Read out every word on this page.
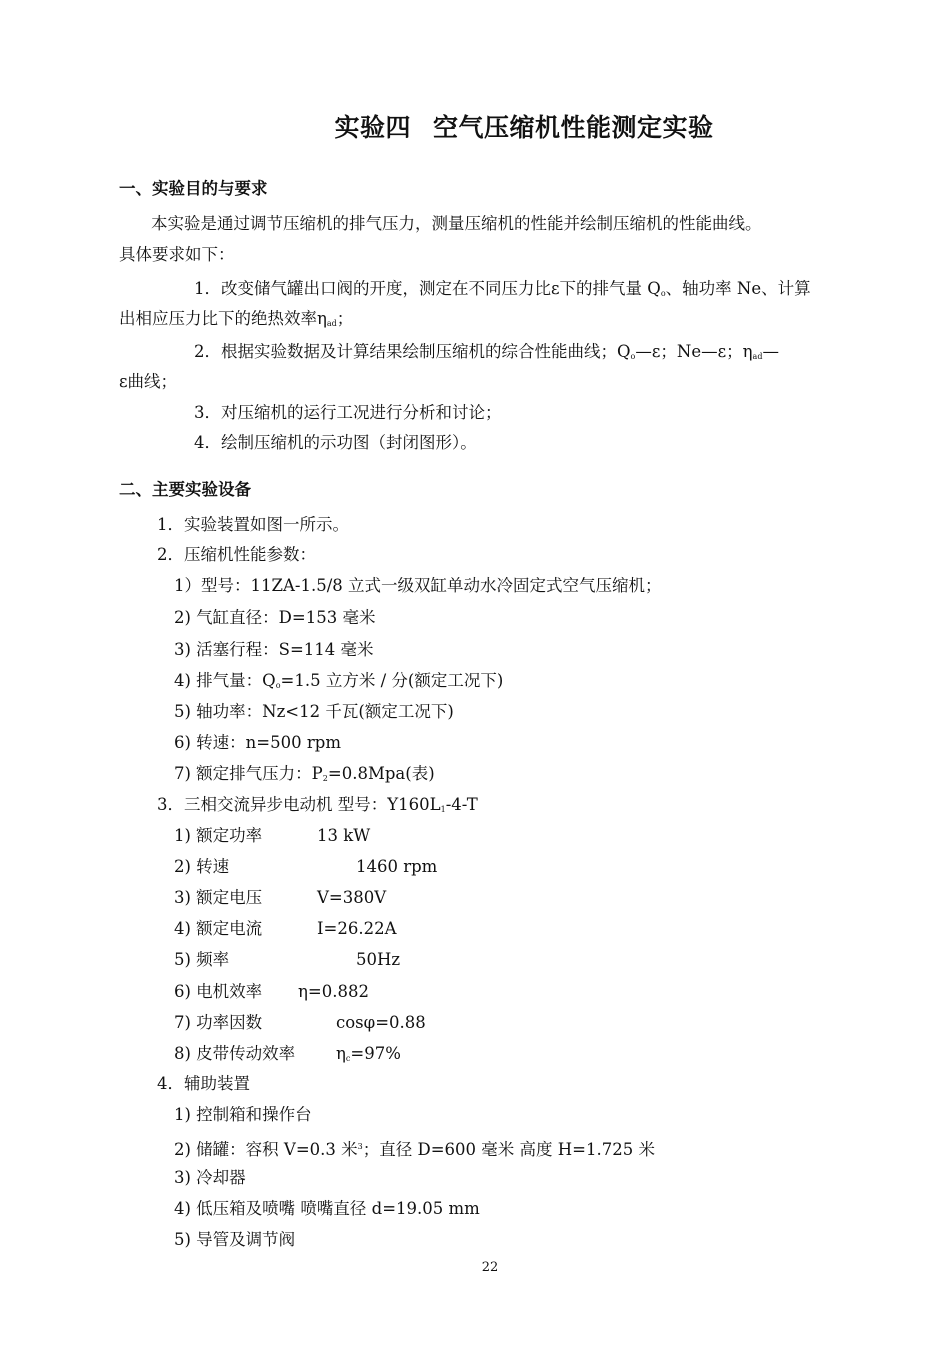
实验四 空气压缩机性能测定实验
一、实验目的与要求
本实验是通过调节压缩机的排气压力，测量压缩机的性能并绘制压缩机的性能曲线。
具体要求如下：
1．改变储气罐出口阀的开度，测定在不同压力比ε下的排气量 $Q_o$、轴功率 Ne、计算
出相应压力比下的绝热效率$\eta_{ad}$；
2．根据实验数据及计算结果绘制压缩机的综合性能曲线；$Q_o—\varepsilon$；Ne—ε；$\eta_{ad}—$
ε曲线；
3．对压缩机的运行工况进行分析和讨论；
4．绘制压缩机的示功图（封闭图形）。
二、主要实验设备
1．实验装置如图一所示。
2．压缩机性能参数：
1）型号：11ZA-1.5/8 立式一级双缸单动水冷固定式空气压缩机；
2) 气缸直径：D=153 毫米
3) 活塞行程：S=114 毫米
4) 排气量：$Q_o=1.5$ 立方米 / 分(额定工况下)
5) 轴功率：Nz<12 千瓦(额定工况下)
6) 转速：n=500 rpm
7) 额定排气压力：$P_2=0.8Mpa$(表)
3．三相交流异步电动机 型号：$Y160L_1-4-T$
1) 额定功率	13 kW
2) 转速	1460 rpm
3) 额定电压	V=380V
4) 额定电流	I=26.22A
5) 频率	50Hz
6) 电机效率 η=0.882
7) 功率因数	cosφ=0.88
8) 皮带传动效率 $\eta_c=97\%$
4．辅助装置
1) 控制箱和操作台
2) 储罐：容积 V=0.3 米$^3$；直径 D=600 毫米 高度 H=1.725 米
3) 冷却器
4) 低压箱及喷嘴 喷嘴直径 d=19.05 mm
5) 导管及调节阀
22
